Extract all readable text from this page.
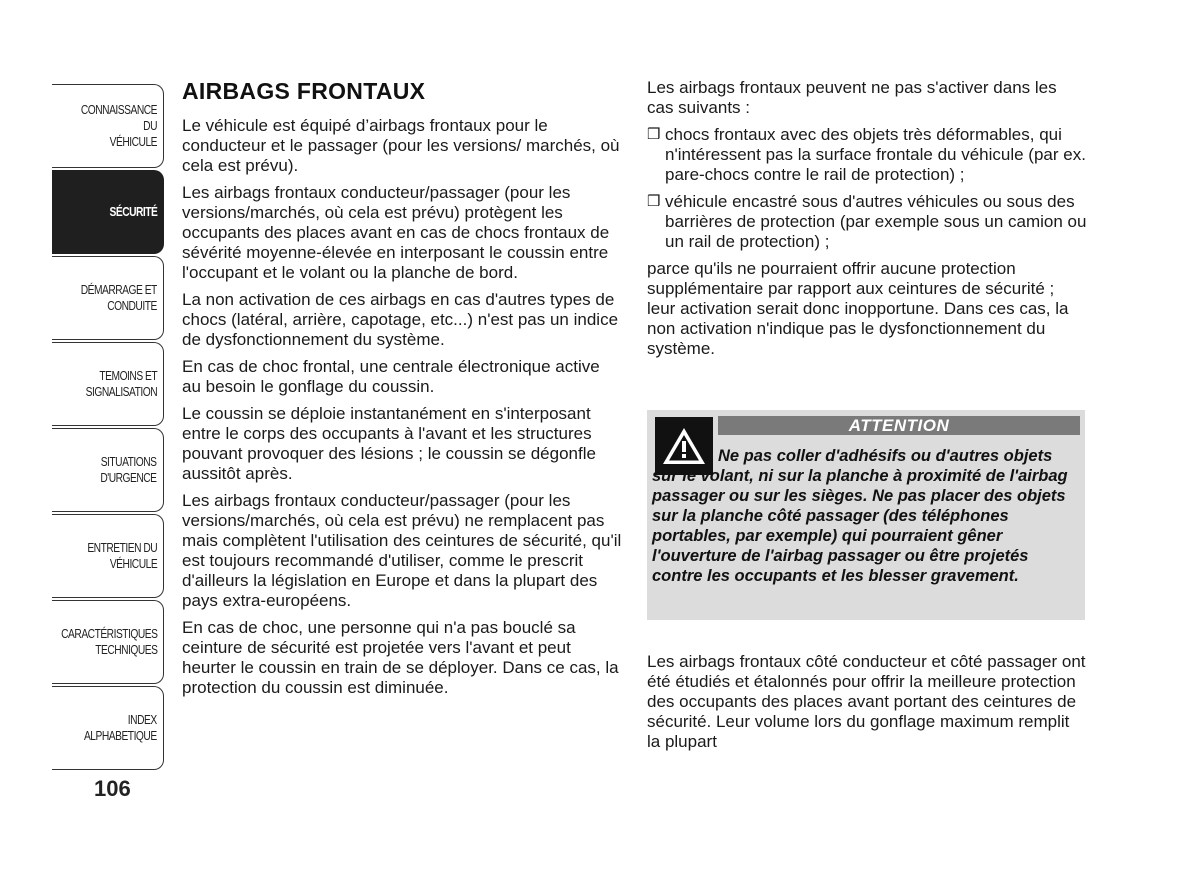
CONNAISSANCE DU
VÉHICULE
SÉCURITÉ
DÉMARRAGE ET
CONDUITE
TEMOINS ET
SIGNALISATION
SITUATIONS
D'URGENCE
ENTRETIEN DU
VÉHICULE
CARACTÉRISTIQUES
TECHNIQUES
INDEX
ALPHABETIQUE
106
AIRBAGS FRONTAUX

Le véhicule est équipé d’airbags frontaux pour le conducteur et le passager (pour les versions/ marchés, où cela est prévu).

Les airbags frontaux conducteur/passager (pour les versions/marchés, où cela est prévu) protègent les occupants des places avant en cas de chocs frontaux de sévérité moyenne-élevée en interposant le coussin entre l'occupant et le volant ou la planche de bord.

La non activation de ces airbags en cas d'autres types de chocs (latéral, arrière, capotage, etc...) n'est pas un indice de dysfonctionnement du système.

En cas de choc frontal, une centrale électronique active au besoin le gonflage du coussin.

Le coussin se déploie instantanément en s'interposant entre le corps des occupants à l'avant et les structures pouvant provoquer des lésions ; le coussin se dégonfle aussitôt après.

Les airbags frontaux conducteur/passager (pour les versions/marchés, où cela est prévu) ne remplacent pas mais complètent l'utilisation des ceintures de sécurité, qu'il est toujours recommandé d'utiliser, comme le prescrit d'ailleurs la législation en Europe et dans la plupart des pays extra-européens.

En cas de choc, une personne qui n'a pas bouclé sa ceinture de sécurité est projetée vers l'avant et peut heurter le coussin en train de se déployer. Dans ce cas, la protection du coussin est diminuée.

Les airbags frontaux peuvent ne pas s'activer dans les cas suivants :

❒ chocs frontaux avec des objets très déformables, qui n'intéressent pas la surface frontale du véhicule (par ex. pare-chocs contre le rail de protection) ;
❒ véhicule encastré sous d'autres véhicules ou sous des barrières de protection (par exemple sous un camion ou un rail de protection) ;

parce qu'ils ne pourraient offrir aucune protection supplémentaire par rapport aux ceintures de sécurité ; leur activation serait donc inopportune. Dans ces cas, la non activation n'indique pas le dysfonctionnement du système.

ATTENTION
Ne pas coller d'adhésifs ou d'autres objets sur le volant, ni sur la planche à proximité de l'airbag passager ou sur les sièges. Ne pas placer des objets sur la planche côté passager (des téléphones portables, par exemple) qui pourraient gêner l'ouverture de l'airbag passager ou être projetés contre les occupants et les blesser gravement.

Les airbags frontaux côté conducteur et côté passager ont été étudiés et étalonnés pour offrir la meilleure protection des occupants des places avant portant des ceintures de sécurité. Leur volume lors du gonflage maximum remplit la plupart
